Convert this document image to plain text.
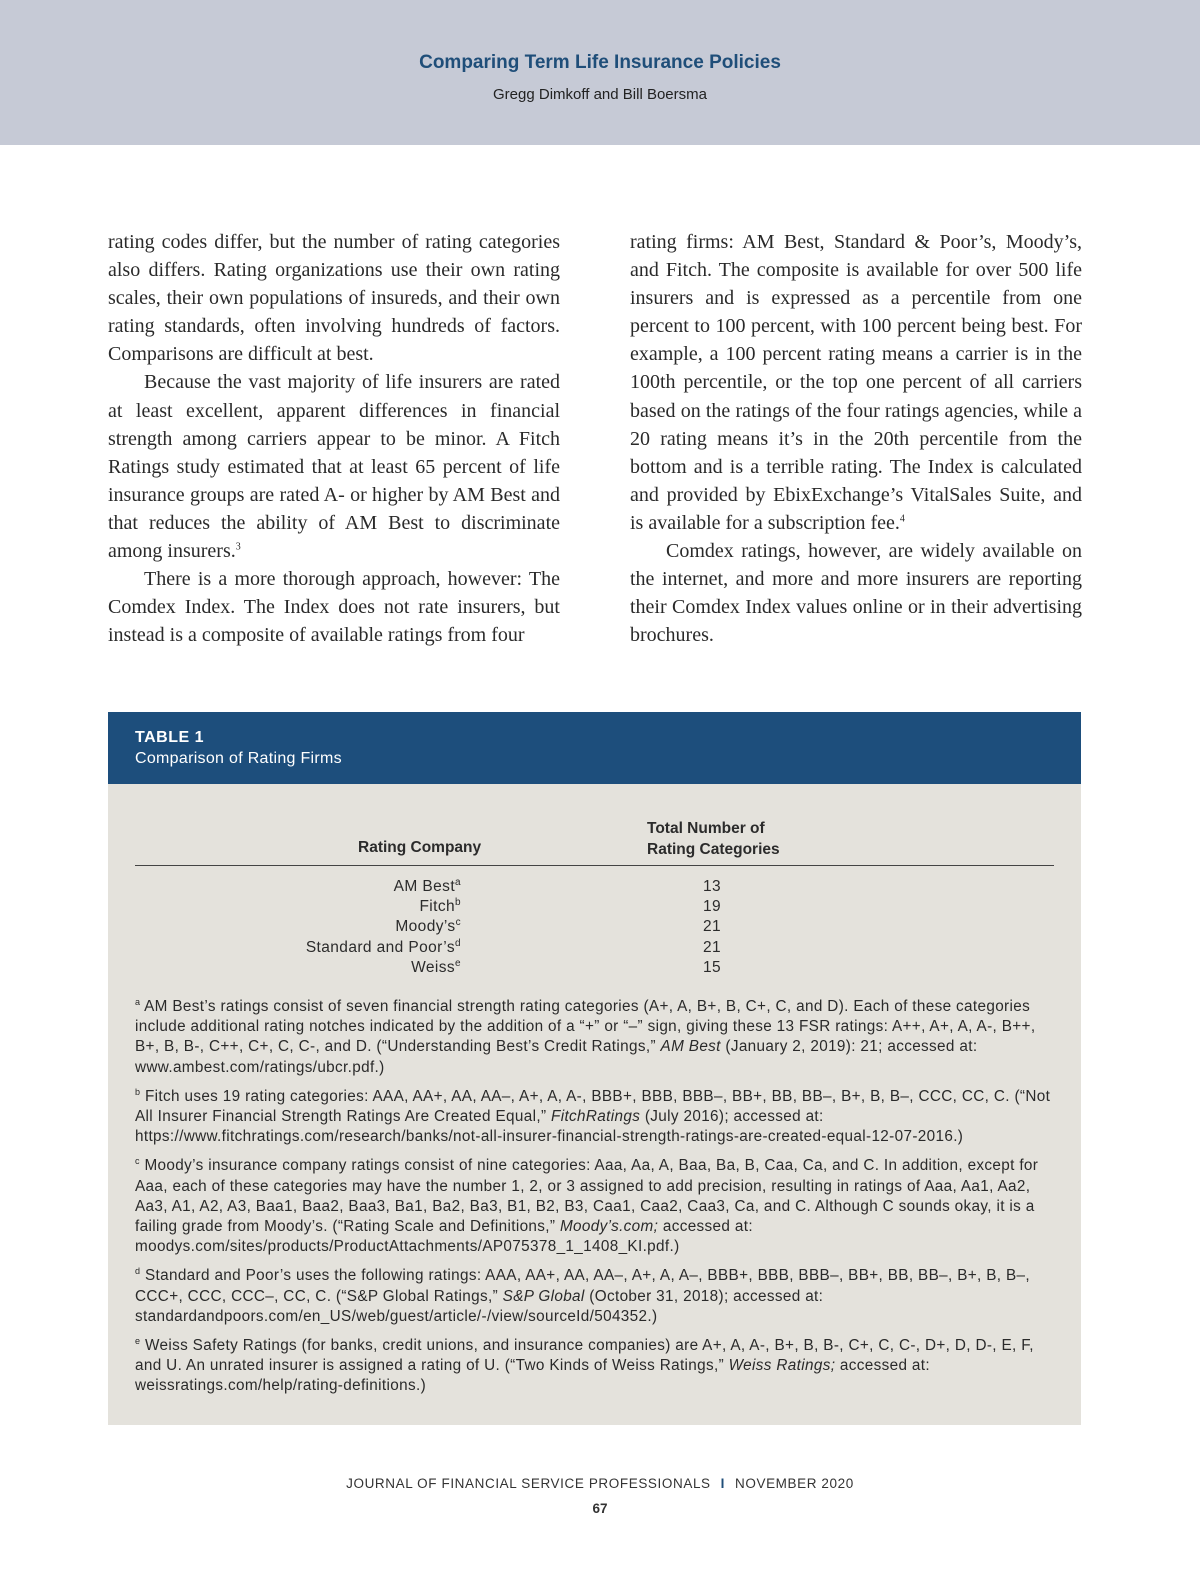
Comparing Term Life Insurance Policies
Gregg Dimkoff and Bill Boersma

rating codes differ, but the number of rating categories also differs. Rating organizations use their own rating scales, their own populations of insureds, and their own rating standards, often involving hundreds of factors. Comparisons are difficult at best.

Because the vast majority of life insurers are rated at least excellent, apparent differences in financial strength among carriers appear to be minor. A Fitch Ratings study estimated that at least 65 percent of life insurance groups are rated A- or higher by AM Best and that reduces the ability of AM Best to discriminate among insurers.$^3$

There is a more thorough approach, however: The Comdex Index. The Index does not rate insurers, but instead is a composite of available ratings from four

rating firms: AM Best, Standard & Poor’s, Moody’s, and Fitch. The composite is available for over 500 life insurers and is expressed as a percentile from one percent to 100 percent, with 100 percent being best. For example, a 100 percent rating means a carrier is in the 100th percentile, or the top one percent of all carriers based on the ratings of the four ratings agencies, while a 20 rating means it’s in the 20th percentile from the bottom and is a terrible rating. The Index is calculated and provided by EbixExchange’s VitalSales Suite, and is available for a subscription fee.$^4$

Comdex ratings, however, are widely available on the internet, and more and more insurers are reporting their Comdex Index values online or in their advertising brochures.

TABLE 1
Comparison of Rating Firms
Rating Company
Total Number of
Rating Categories
AM Best$^a$	13
Fitch$^b$	19
$Moody’s^c$	21
Standard and $Poor’s^d$	21
Weiss$^e$	15

$^a$ AM Best’s ratings consist of seven financial strength rating categories (A+, A, B+, B, C+, C, and D). Each of these categories include additional rating notches indicated by the addition of a “+” or “–” sign, giving these 13 FSR ratings: A++, A+, A, A-, B++, B+, B, B-, C++, C+, C, C-, and D. (“Understanding Best’s Credit Ratings,” AM Best (January 2, 2019): 21; accessed at: www.ambest.com/ratings/ubcr.pdf.)

$^b$ Fitch uses 19 rating categories: AAA, AA+, AA, AA–, A+, A, A-, BBB+, BBB, BBB–, BB+, BB, BB–, B+, B, B–, CCC, CC, C. (“Not All Insurer Financial Strength Ratings Are Created Equal,” FitchRatings (July 2016); accessed at: https://www.fitchratings.com/research/banks/not-all-insurer-financial-strength-ratings-are-created-equal-12-07-2016.)

$^c$ Moody’s insurance company ratings consist of nine categories: Aaa, Aa, A, Baa, Ba, B, Caa, Ca, and C. In addition, except for Aaa, each of these categories may have the number 1, 2, or 3 assigned to add precision, resulting in ratings of Aaa, Aa1, Aa2, Aa3, A1, A2, A3, Baa1, Baa2, Baa3, Ba1, Ba2, Ba3, B1, B2, B3, Caa1, Caa2, Caa3, Ca, and C. Although C sounds okay, it is a failing grade from Moody’s. (“Rating Scale and Definitions,” Moody’s.com; accessed at: moodys.com/sites/products/ProductAttachments/AP075378_1_1408_KI.pdf.)

$^d$ Standard and Poor’s uses the following ratings: AAA, AA+, AA, AA–, A+, A, A–, BBB+, BBB, BBB–, BB+, BB, BB–, B+, B, B–, CCC+, CCC, CCC–, CC, C. (“S&P Global Ratings,” S&P Global (October 31, 2018); accessed at: standardandpoors.com/en_US/web/guest/article/-/view/sourceId/504352.)

$^e$ Weiss Safety Ratings (for banks, credit unions, and insurance companies) are A+, A, A-, B+, B, B-, C+, C, C-, D+, D, D-, E, F, and U. An unrated insurer is assigned a rating of U. (“Two Kinds of Weiss Ratings,” Weiss Ratings; accessed at: weissratings.com/help/rating-definitions.)

JOURNAL OF FINANCIAL SERVICE PROFESSIONALS I NOVEMBER 2020
67
